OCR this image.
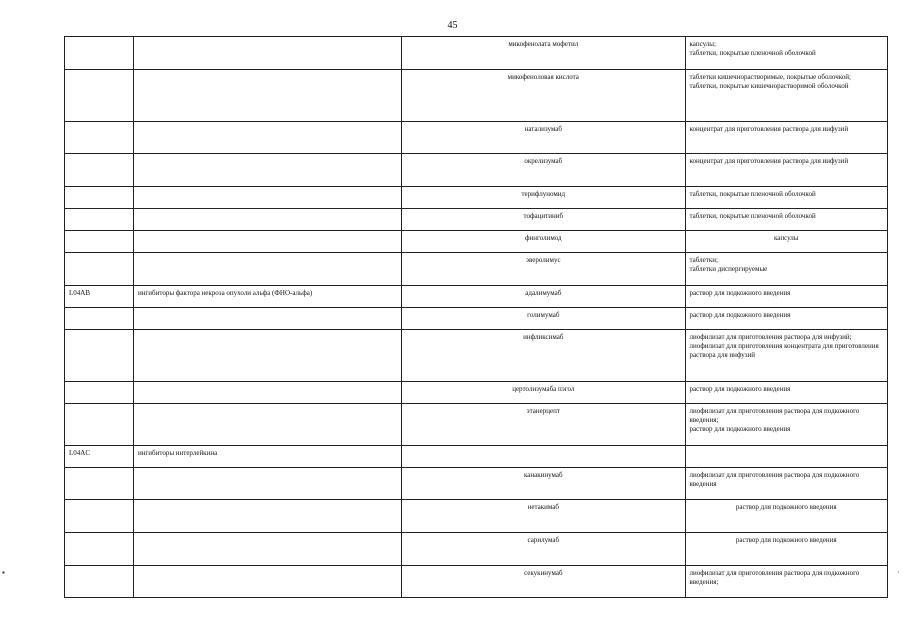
45
		микофенолата мофетил	капсулы;
таблетки, покрытые пленочной оболочкой

		микофеноловая кислота	таблетки кишечнорастворимые, покрытые оболочкой;
таблетки, покрытые кишечнорастворимой оболочкой

		натализумаб	концентрат для приготовления раствора для инфузий

		окрелизумаб	концентрат для приготовления раствора для инфузий

		терифлуномид	таблетки, покрытые пленочной оболочкой

		тофацитиниб	таблетки, покрытые пленочной оболочкой

		финголимод	капсулы

		эверолимус	таблетки;
таблетки диспергируемые

L04AB	ингибиторы фактора некроза опухоли альфа (ФНО-альфа)	адалимумаб	раствор для подкожного введения

		голимумаб	раствор для подкожного введения

		инфликсимаб	лиофилизат для приготовления раствора для инфузий;
лиофилизат для приготовления концентрата для приготовления раствора для инфузий

		цертолизумаба пэгол	раствор для подкожного введения

		этанерцепт	лиофилизат для приготовления раствора для подкожного введения;
раствор для подкожного введения

L04AC	ингибиторы интерлейкина		

		канакинумаб	лиофилизат для приготовления раствора для подкожного введения

		нетакимаб	раствор для подкожного введения

		сарилумаб	раствор для подкожного введения

		секукинумаб	лиофилизат для приготовления раствора для подкожного введения;
▪	·
